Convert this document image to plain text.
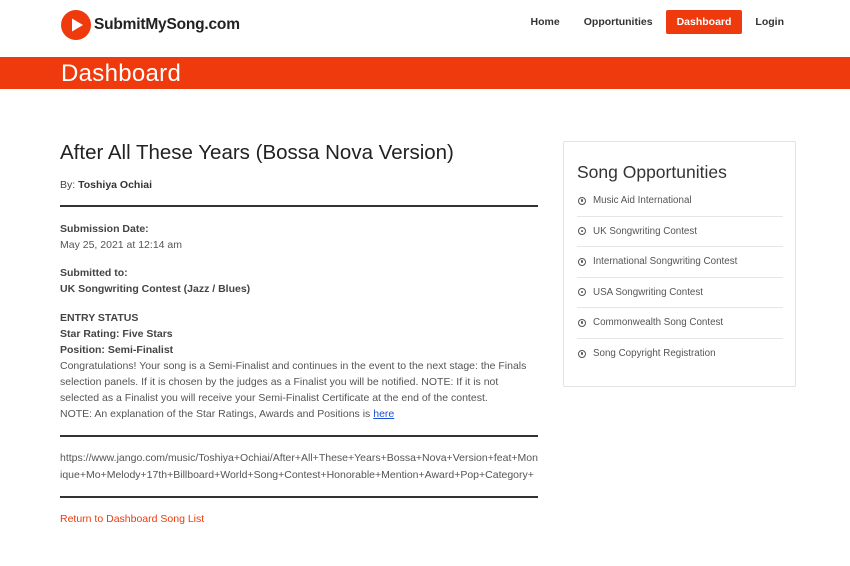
SubmitMySong.com	Home	Opportunities	Dashboard	Login
Dashboard
After All These Years (Bossa Nova Version)
By: Toshiya Ochiai
Submission Date:
May 25, 2021 at 12:14 am
Submitted to:
UK Songwriting Contest (Jazz / Blues)
ENTRY STATUS
Star Rating: Five Stars
Position: Semi-Finalist
Congratulations! Your song is a Semi-Finalist and continues in the event to the next stage: the Finals selection panels. If it is chosen by the judges as a Finalist you will be notified. NOTE: If it is not selected as a Finalist you will receive your Semi-Finalist Certificate at the end of the contest.
NOTE: An explanation of the Star Ratings, Awards and Positions is here
https://www.jango.com/music/Toshiya+Ochiai/After+All+These+Years+Bossa+Nova+Version+feat+Monique+Mo+Melody+17th+Billboard+World+Song+Contest+Honorable+Mention+Award+Pop+Category+
Return to Dashboard Song List
Song Opportunities
Music Aid International
UK Songwriting Contest
International Songwriting Contest
USA Songwriting Contest
Commonwealth Song Contest
Song Copyright Registration
